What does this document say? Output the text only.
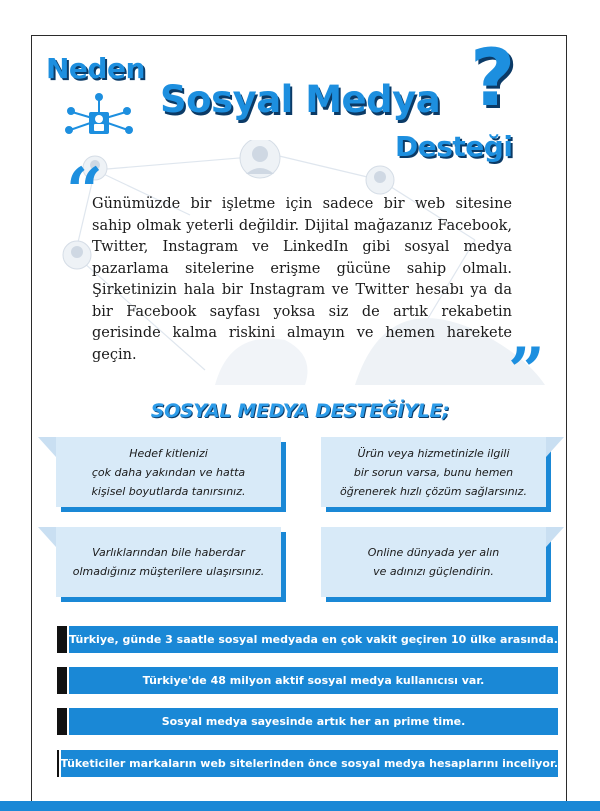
Neden
Sosyal Medya
Desteği
?
“

Günümüzde bir işletme için sadece bir web sitesine sahip olmak yeterli değildir. Dijital mağazanız Facebook, Twitter, Instagram ve LinkedIn gibi sosyal medya pazarlama sitelerine erişme gücüne sahip olmalı. Şirketinizin hala bir Instagram ve Twitter hesabı ya da bir Facebook sayfası yoksa siz de artık rekabetin gerisinde kalma riskini almayın ve hemen harekete geçin.	”
SOSYAL MEDYA DESTEĞİYLE;
Hedef kitlenizi
çok daha yakından ve hatta
kişisel boyutlarda tanırsınız.
Ürün veya hizmetinizle ilgili
bir sorun varsa, bunu hemen
öğrenerek hızlı çözüm sağlarsınız.
Varlıklarından bile haberdar
olmadığınız müşterilere ulaşırsınız.
Online dünyada yer alın
ve adınızı güçlendirin.
Türkiye, günde 3 saatle sosyal medyada en çok vakit geçiren 10 ülke arasında.
Türkiye'de 48 milyon aktif sosyal medya kullanıcısı var.
Sosyal medya sayesinde artık her an prime time.
Tüketiciler markaların web sitelerinden önce sosyal medya hesaplarını inceliyor.
